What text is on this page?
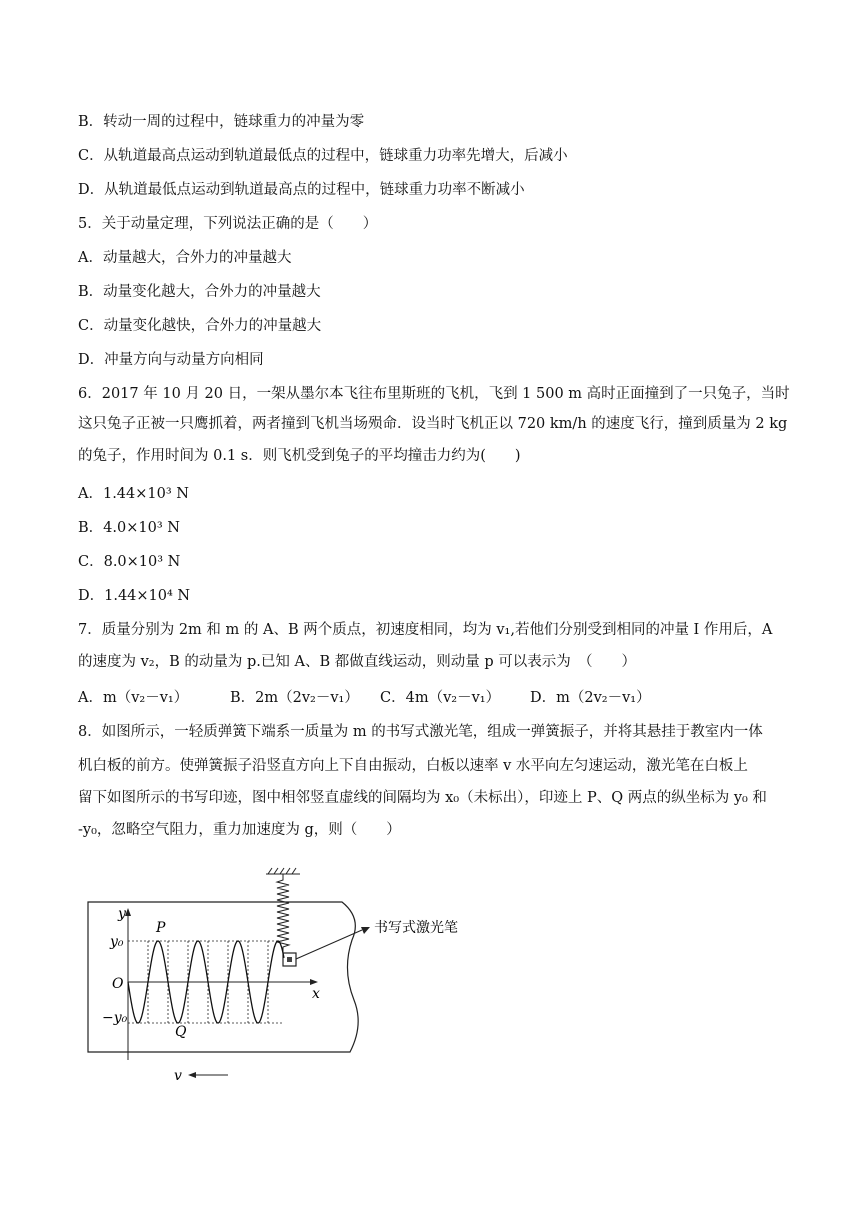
B．转动一周的过程中，链球重力的冲量为零
C．从轨道最高点运动到轨道最低点的过程中，链球重力功率先增大，后减小
D．从轨道最低点运动到轨道最高点的过程中，链球重力功率不断减小
5．关于动量定理，下列说法正确的是（　　）
A．动量越大，合外力的冲量越大
B．动量变化越大，合外力的冲量越大
C．动量变化越快，合外力的冲量越大
D．冲量方向与动量方向相同
6．2017 年 10 月 20 日，一架从墨尔本飞往布里斯班的飞机，飞到 1 500 m 高时正面撞到了一只兔子，当时
这只兔子正被一只鹰抓着，两者撞到飞机当场殒命．设当时飞机正以 720 km/h 的速度飞行，撞到质量为 2 kg
的兔子，作用时间为 0.1 s．则飞机受到兔子的平均撞击力约为(　　)
A．1.44×10³ N
B．4.0×10³ N
C．8.0×10³ N
D．1.44×10⁴ N
7．质量分别为 2m 和 m 的 A、B 两个质点，初速度相同，均为 v₁,若他们分别受到相同的冲量 I 作用后，A
的速度为 v₂，B 的动量为 p.已知 A、B 都做直线运动，则动量 p 可以表示为　（　　）
A．m（v₂－v₁）	B．2m（2v₂－v₁）	C．4m（v₂－v₁）	D．m（2v₂－v₁）
8．如图所示，一轻质弹簧下端系一质量为 m 的书写式激光笔，组成一弹簧振子，并将其悬挂于教室内一体
机白板的前方。使弹簧振子沿竖直方向上下自由振动，白板以速率 v 水平向左匀速运动，激光笔在白板上
留下如图所示的书写印迹，图中相邻竖直虚线的间隔均为 x₀（未标出），印迹上 P、Q 两点的纵坐标为 y₀ 和
-y₀，忽略空气阻力，重力加速度为 g，则（　　）
书写式激光笔
y
x
O
y₀
−y₀
P
Q
v
